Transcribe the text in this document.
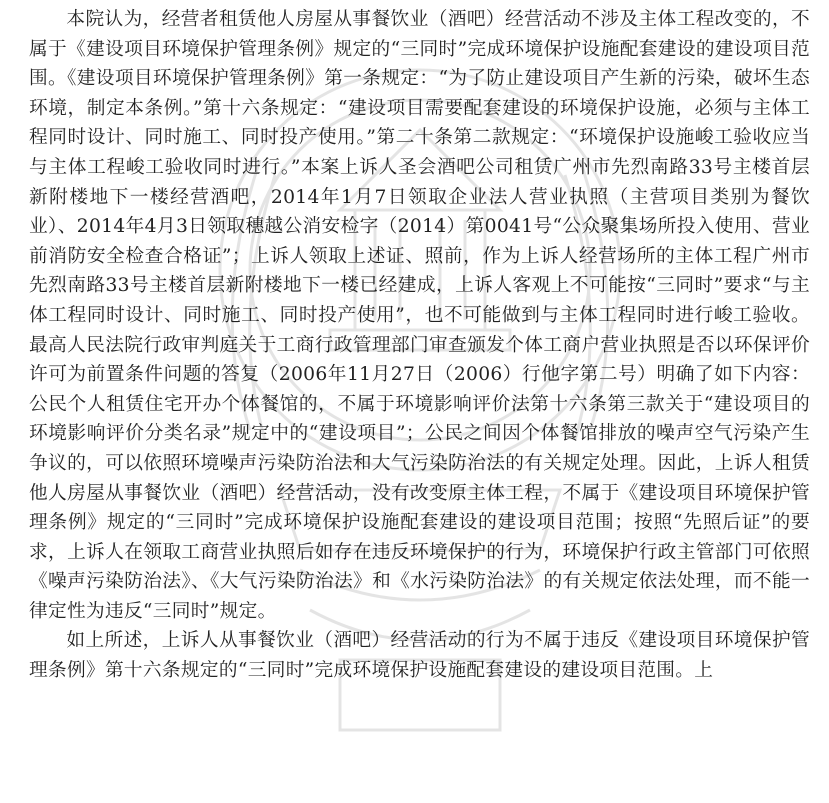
本院认为，经营者租赁他人房屋从事餐饮业（酒吧）经营活动不涉及主体工程改变的，不属于《建设项目环境保护管理条例》规定的“三同时”完成环境保护设施配套建设的建设项目范围。《建设项目环境保护管理条例》第一条规定：“为了防止建设项目产生新的污染，破坏生态环境，制定本条例。”第十六条规定：“建设项目需要配套建设的环境保护设施，必须与主体工程同时设计、同时施工、同时投产使用。”第二十条第二款规定：“环境保护设施峻工验收应当与主体工程峻工验收同时进行。”本案上诉人圣会酒吧公司租赁广州市先烈南路33号主楼首层新附楼地下一楼经营酒吧，2014年1月7日领取企业法人营业执照（主营项目类别为餐饮业）、2014年4月3日领取穗越公消安检字（2014）第0041号“公众聚集场所投入使用、营业前消防安全检查合格证”；上诉人领取上述证、照前，作为上诉人经营场所的主体工程广州市先烈南路33号主楼首层新附楼地下一楼已经建成，上诉人客观上不可能按“三同时”要求“与主体工程同时设计、同时施工、同时投产使用”，也不可能做到与主体工程同时进行峻工验收。最高人民法院行政审判庭关于工商行政管理部门审查颁发个体工商户营业执照是否以环保评价许可为前置条件问题的答复（2006年11月27日（2006）行他字第二号）明确了如下内容：公民个人租赁住宅开办个体餐馆的，不属于环境影响评价法第十六条第三款关于“建设项目的环境影响评价分类名录”规定中的“建设项目”；公民之间因个体餐馆排放的噪声空气污染产生争议的，可以依照环境噪声污染防治法和大气污染防治法的有关规定处理。因此，上诉人租赁他人房屋从事餐饮业（酒吧）经营活动，没有改变原主体工程，不属于《建设项目环境保护管理条例》规定的“三同时”完成环境保护设施配套建设的建设项目范围；按照“先照后证”的要求，上诉人在领取工商营业执照后如存在违反环境保护的行为，环境保护行政主管部门可依照《噪声污染防治法》、《大气污染防治法》和《水污染防治法》的有关规定依法处理，而不能一律定性为违反“三同时”规定。

如上所述，上诉人从事餐饮业（酒吧）经营活动的行为不属于违反《建设项目环境保护管理条例》第十六条规定的“三同时”完成环境保护设施配套建设的建设项目范围。上
